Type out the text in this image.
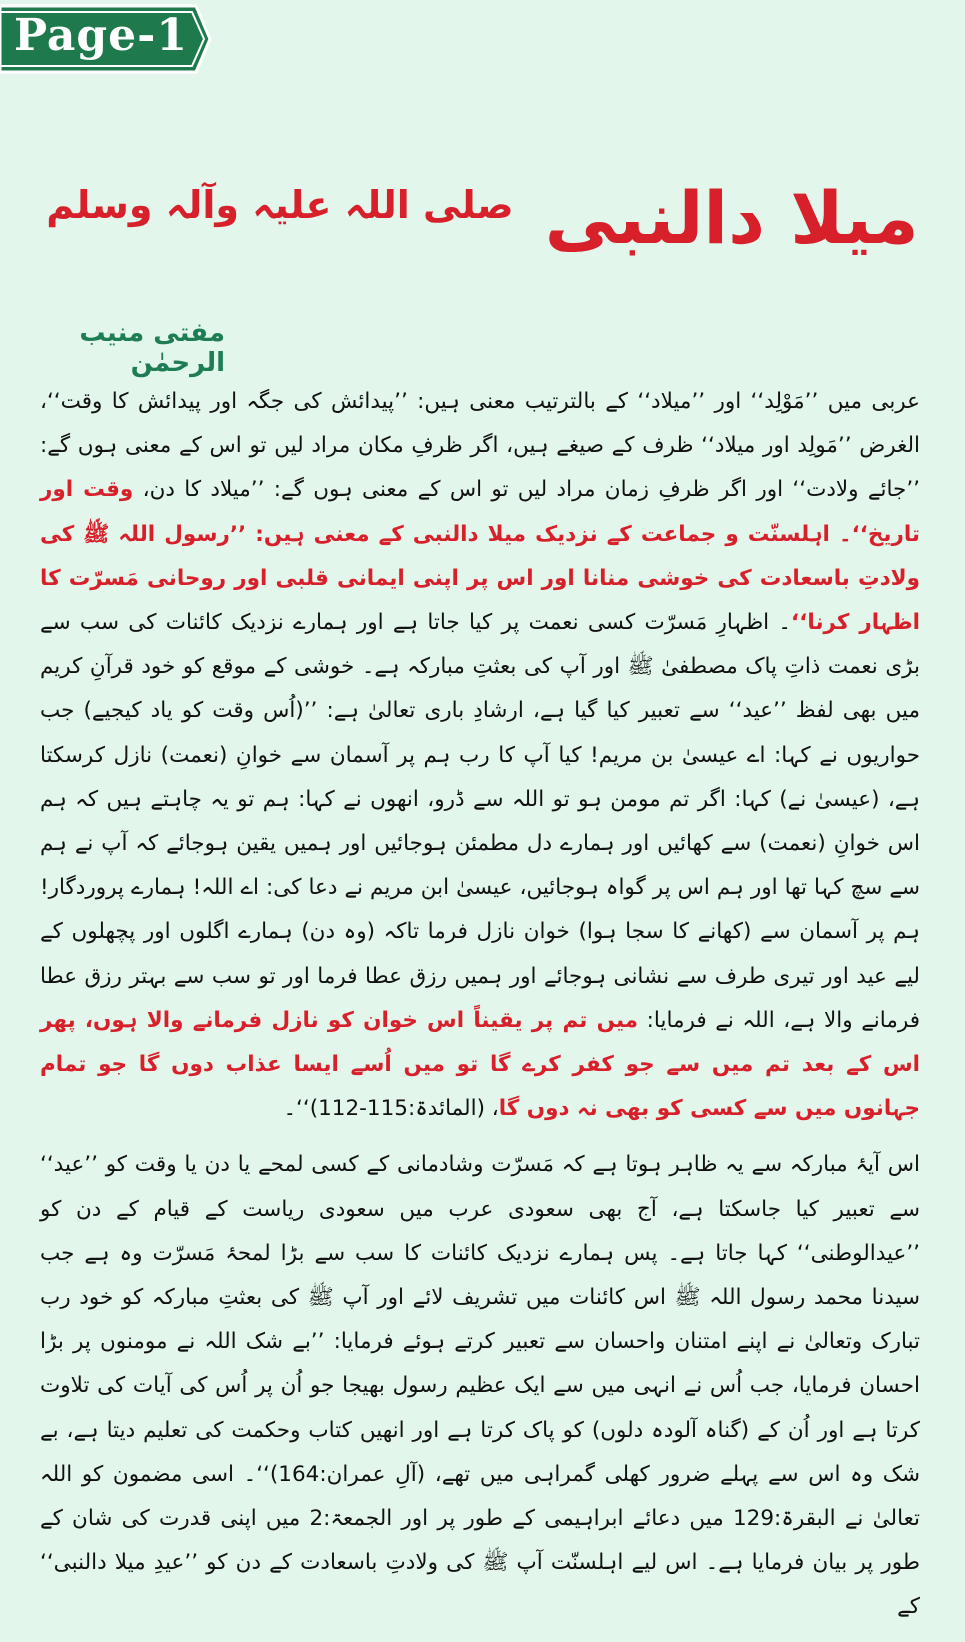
Page-1
میلا دالنبی $^{صلی اللہ علیہ وآلہ وسلم}$
مفتی منیب الرحمٰن

عربی میں ’’مَوْلِد‘‘ اور ’’میلاد‘‘ کے بالترتیب معنی ہیں: ’’پیدائش کی جگہ اور پیدائش کا وقت‘‘، الغرض ’’مَولِد اور میلاد‘‘ ظرف کے صیغے ہیں، اگر ظرفِ مکان مراد لیں تو اس کے معنی ہوں گے: ’’جائے ولادت‘‘ اور اگر ظرفِ زمان مراد لیں تو اس کے معنی ہوں گے: ’’میلاد کا دن، وقت اور تاریخ‘‘۔ اہلسنّت و جماعت کے نزدیک میلا دالنبی کے معنی ہیں: ’’رسول اللہ ﷺ کی ولادتِ باسعادت کی خوشی منانا اور اس پر اپنی ایمانی قلبی اور روحانی مَسرّت کا اظہار کرنا‘‘۔ اظہارِ مَسرّت کسی نعمت پر کیا جاتا ہے اور ہمارے نزدیک کائنات کی سب سے بڑی نعمت ذاتِ پاک مصطفیٰ ﷺ اور آپ کی بعثتِ مبارکہ ہے۔ خوشی کے موقع کو خود قرآنِ کریم میں بھی لفظ ’’عید‘‘ سے تعبیر کیا گیا ہے، ارشادِ باری تعالیٰ ہے: ’’(اُس وقت کو یاد کیجیے) جب حواریوں نے کہا: اے عیسیٰ بن مریم! کیا آپ کا رب ہم پر آسمان سے خوانِ (نعمت) نازل کرسکتا ہے، (عیسیٰ نے) کہا: اگر تم مومن ہو تو اللہ سے ڈرو، انھوں نے کہا: ہم تو یہ چاہتے ہیں کہ ہم اس خوانِ (نعمت) سے کھائیں اور ہمارے دل مطمئن ہوجائیں اور ہمیں یقین ہوجائے کہ آپ نے ہم سے سچ کہا تھا اور ہم اس پر گواہ ہوجائیں، عیسیٰ ابن مریم نے دعا کی: اے اللہ! ہمارے پروردگار! ہم پر آسمان سے (کھانے کا سجا ہوا) خوان نازل فرما تاکہ (وہ دن) ہمارے اگلوں اور پچھلوں کے لیے عید اور تیری طرف سے نشانی ہوجائے اور ہمیں رزق عطا فرما اور تو سب سے بہتر رزق عطا فرمانے والا ہے، اللہ نے فرمایا: میں تم پر یقیناً اس خوان کو نازل فرمانے والا ہوں، پھر اس کے بعد تم میں سے جو کفر کرے گا تو میں اُسے ایسا عذاب دوں گا جو تمام جہانوں میں سے کسی کو بھی نہ دوں گا، (المائدۃ:115-112)‘‘۔

اس آیۂ مبارکہ سے یہ ظاہر ہوتا ہے کہ مَسرّت وشادمانی کے کسی لمحے یا دن یا وقت کو ’’عید‘‘ سے تعبیر کیا جاسکتا ہے، آج بھی سعودی عرب میں سعودی ریاست کے قیام کے دن کو ’’عیدالوطنی‘‘ کہا جاتا ہے۔ پس ہمارے نزدیک کائنات کا سب سے بڑا لمحۂ مَسرّت وہ ہے جب سیدنا محمد رسول اللہ ﷺ اس کائنات میں تشریف لائے اور آپ ﷺ کی بعثتِ مبارکہ کو خود رب تبارک وتعالیٰ نے اپنے امتنان واحسان سے تعبیر کرتے ہوئے فرمایا: ’’بے شک اللہ نے مومنوں پر بڑا احسان فرمایا، جب اُس نے انہی میں سے ایک عظیم رسول بھیجا جو اُن پر اُس کی آیات کی تلاوت کرتا ہے اور اُن کے (گناہ آلودہ دلوں) کو پاک کرتا ہے اور انھیں کتاب وحکمت کی تعلیم دیتا ہے، بے شک وہ اس سے پہلے ضرور کھلی گمراہی میں تھے، (آلِ عمران:164)‘‘۔ اسی مضمون کو اللہ تعالیٰ نے البقرۃ:129 میں دعائے ابراہیمی کے طور پر اور الجمعۃ:2 میں اپنی قدرت کی شان کے طور پر بیان فرمایا ہے۔ اس لیے اہلسنّت آپ ﷺ کی ولادتِ باسعادت کے دن کو ’’عیدِ میلا دالنبی‘‘ کے
